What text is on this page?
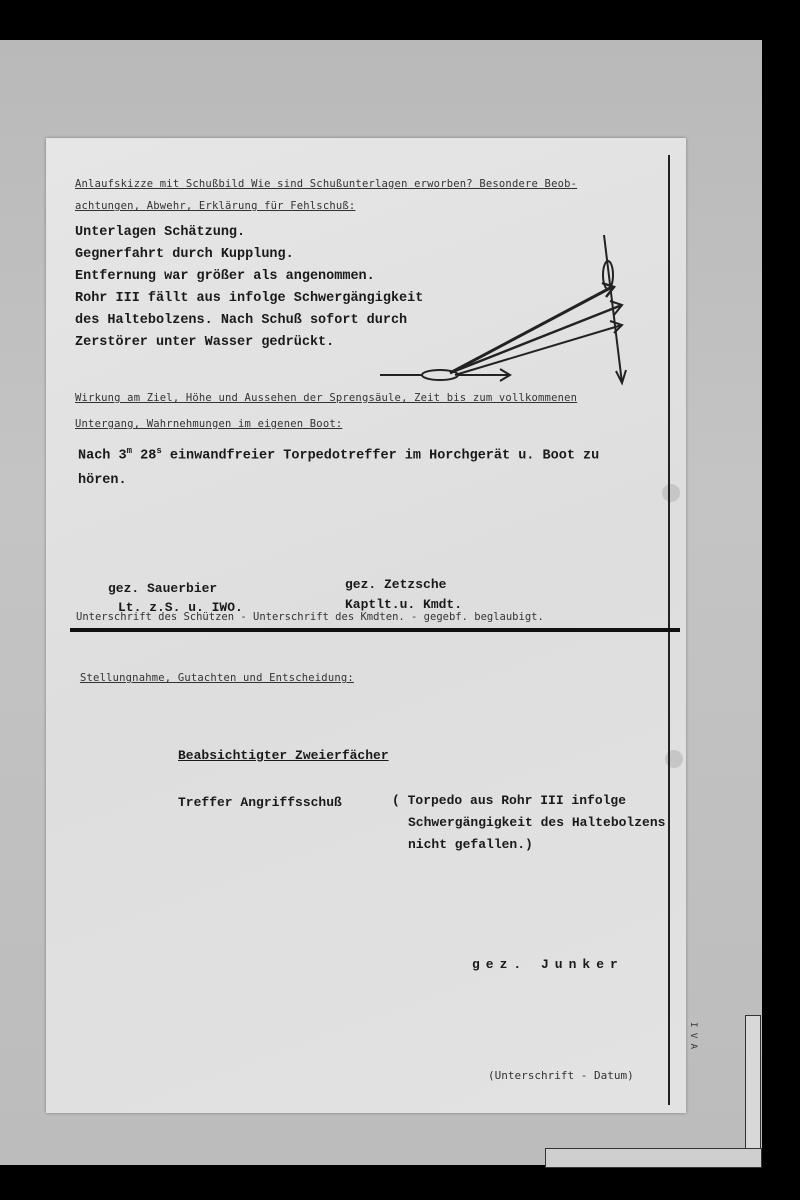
Anlaufskizze mit Schußbild Wie sind Schußunterlagen erworben? Besondere Beob-
achtungen, Abwehr, Erklärung für Fehlschuß:
Unterlagen Schätzung.
Gegnerfahrt durch Kupplung.
Entfernung war größer als angenommen.
Rohr III fällt aus infolge Schwergängigkeit
des Haltebolzens. Nach Schuß sofort durch
Zerstörer unter Wasser gedrückt.
Wirkung am Ziel, Höhe und Aussehen der Sprengsäule, Zeit bis zum vollkommenen
Untergang, Wahrnehmungen im eigenen Boot:
Nach 3$^m$ 28$^s$ einwandfreier Torpedotreffer im Horchgerät u. Boot zu
hören.
gez. Sauerbier
Lt. z.S. u. IWO.
gez. Zetzsche
Kaptlt.u. Kmdt.
Unterschrift des Schützen - Unterschrift des Kmdten. - gegebf. beglaubigt.
Stellungnahme, Gutachten und Entscheidung:
Beabsichtigter Zweierfächer
Treffer Angriffsschuß	( Torpedo aus Rohr III infolge
Schwergängigkeit des Haltebolzens
nicht gefallen.)
gez. Junker
(Unterschrift - Datum)
I V A
